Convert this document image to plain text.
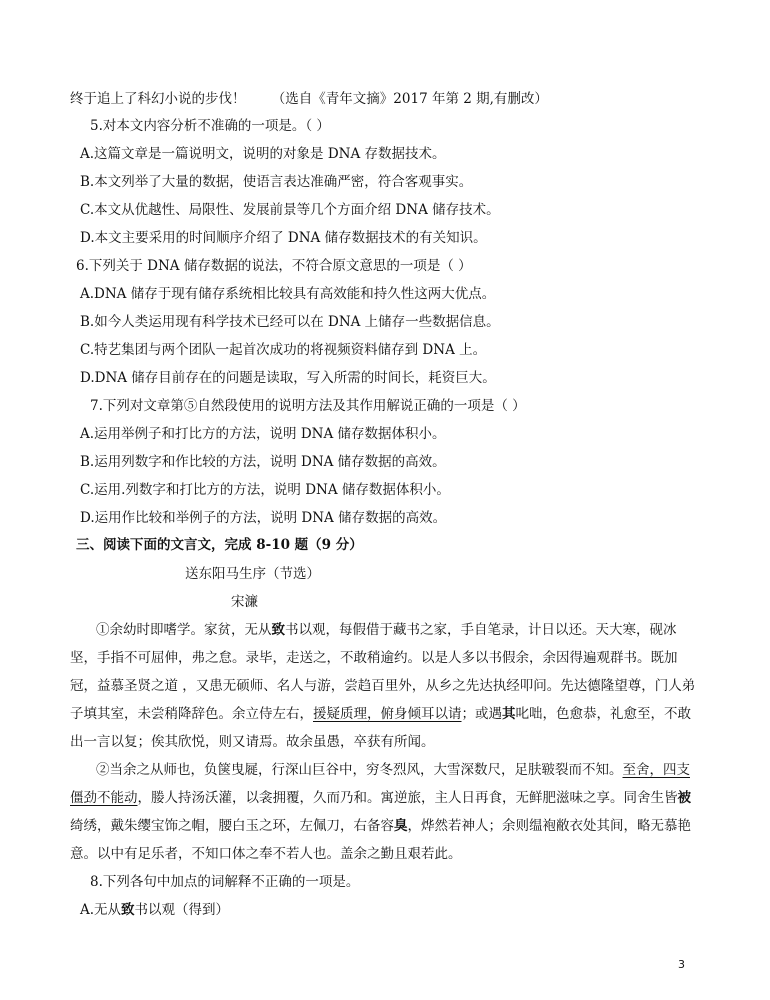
终于追上了科幻小说的步伐！ （选自《青年文摘》2017 年第 2 期,有删改）
5.对本文内容分析不准确的一项是。（ ）
A.这篇文章是一篇说明文，说明的对象是 DNA 存数据技术。
B.本文列举了大量的数据，使语言表达准确严密，符合客观事实。
C.本文从优越性、局限性、发展前景等几个方面介绍 DNA 储存技术。
D.本文主要采用的时间顺序介绍了 DNA 储存数据技术的有关知识。
6.下列关于 DNA 储存数据的说法，不符合原文意思的一项是（ ）
A.DNA 储存于现有储存系统相比较具有高效能和持久性这两大优点。
B.如今人类运用现有科学技术已经可以在 DNA 上储存一些数据信息。
C.特艺集团与两个团队一起首次成功的将视频资料储存到 DNA 上。
D.DNA 储存目前存在的问题是读取，写入所需的时间长，耗资巨大。
7.下列对文章第⑤自然段使用的说明方法及其作用解说正确的一项是（ ）
A.运用举例子和打比方的方法，说明 DNA 储存数据体积小。
B.运用列数字和作比较的方法，说明 DNA 储存数据的高效。
C.运用.列数字和打比方的方法，说明 DNA 储存数据体积小。
D.运用作比较和举例子的方法，说明 DNA 储存数据的高效。
三、阅读下面的文言文，完成 8-10 题（9 分）
送东阳马生序（节选）
宋濂
①余幼时即嗜学。家贫，无从致书以观，每假借于藏书之家，手自笔录，计日以还。天大寒，砚冰
坚，手指不可屈伸，弗之怠。录毕，走送之，不敢稍逾约。以是人多以书假余，余因得遍观群书。既加
冠，益慕圣贤之道 ，又患无硕师、名人与游，尝趋百里外，从乡之先达执经叩问。先达德隆望尊，门人弟
子填其室，未尝稍降辞色。余立侍左右，援疑质理，俯身倾耳以请；或遇其叱咄，色愈恭，礼愈至，不敢
出一言以复；俟其欣悦，则又请焉。故余虽愚，卒获有所闻。
②当余之从师也，负箧曳屣，行深山巨谷中，穷冬烈风，大雪深数尺，足肤皲裂而不知。至舍，四支
僵劲不能动，媵人持汤沃灌，以衾拥覆，久而乃和。寓逆旅，主人日再食，无鲜肥滋味之享。同舍生皆被
绮绣，戴朱缨宝饰之帽，腰白玉之环，左佩刀，右备容臭，烨然若神人；余则缊袍敝衣处其间，略无慕艳
意。以中有足乐者，不知口体之奉不若人也。盖余之勤且艰若此。
8.下列各句中加点的词解释不正确的一项是。
A.无从致书以观（得到）
3
